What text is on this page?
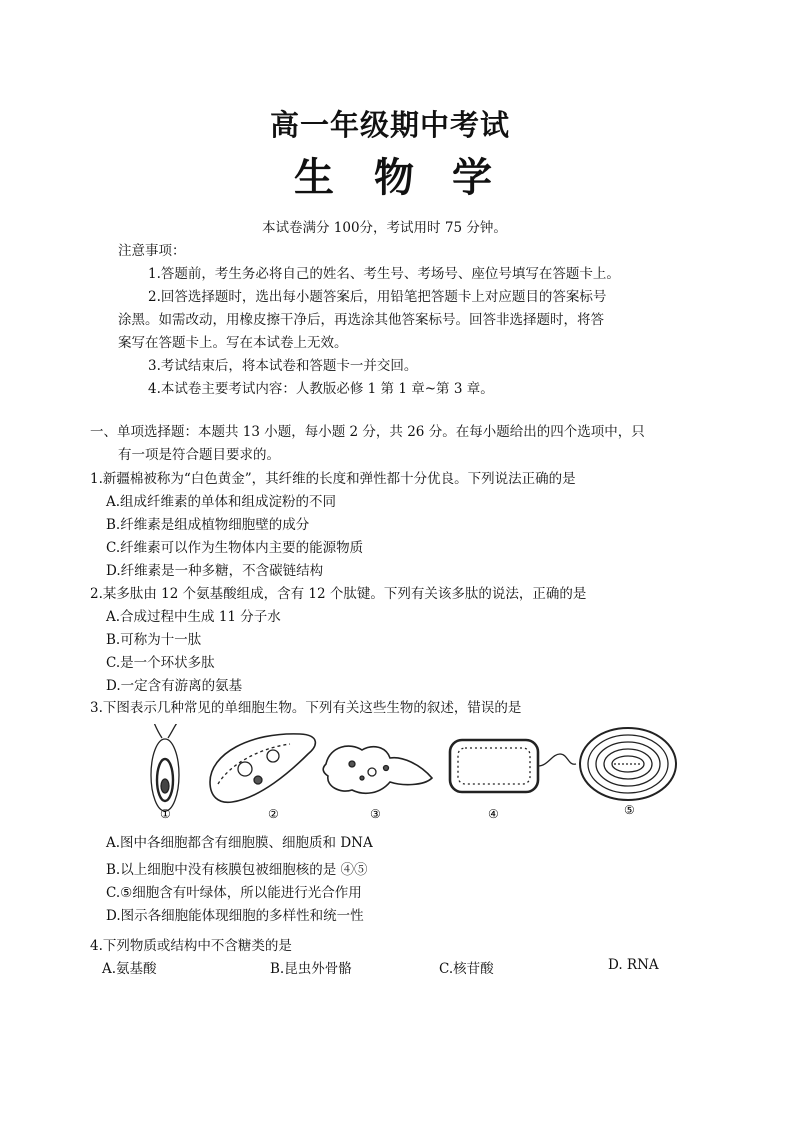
高一年级期中考试
生 物 学
本试卷满分 100分，考试用时 75 分钟。
注意事项：
1.答题前，考生务必将自己的姓名、考生号、考场号、座位号填写在答题卡上。
2.回答选择题时，选出每小题答案后，用铅笔把答题卡上对应题目的答案标号
涂黑。如需改动，用橡皮擦干净后，再选涂其他答案标号。回答非选择题时，将答
案写在答题卡上。写在本试卷上无效。
3.考试结束后，将本试卷和答题卡一并交回。
4.本试卷主要考试内容：人教版必修 1 第 1 章~第 3 章。
一、单项选择题：本题共 13 小题，每小题 2 分，共 26 分。在每小题给出的四个选项中，只
有一项是符合题目要求的。
1.新疆棉被称为“白色黄金”，其纤维的长度和弹性都十分优良。下列说法正确的是
A.组成纤维素的单体和组成淀粉的不同
B.纤维素是组成植物细胞壁的成分
C.纤维素可以作为生物体内主要的能源物质
D.纤维素是一种多糖，不含碳链结构
2.某多肽由 12 个氨基酸组成，含有 12 个肽键。下列有关该多肽的说法，正确的是
A.合成过程中生成 11 分子水
B.可称为十一肽
C.是一个环状多肽
D.一定含有游离的氨基
3.下图表示几种常见的单细胞生物。下列有关这些生物的叙述，错误的是
①	②	③	④	⑤
A.图中各细胞都含有细胞膜、细胞质和 DNA
B.以上细胞中没有核膜包被细胞核的是 ④⑤
C.⑤细胞含有叶绿体，所以能进行光合作用
D.图示各细胞能体现细胞的多样性和统一性
4.下列物质或结构中不含糖类的是
A.氨基酸	B.昆虫外骨骼	C.核苷酸	D. RNA
